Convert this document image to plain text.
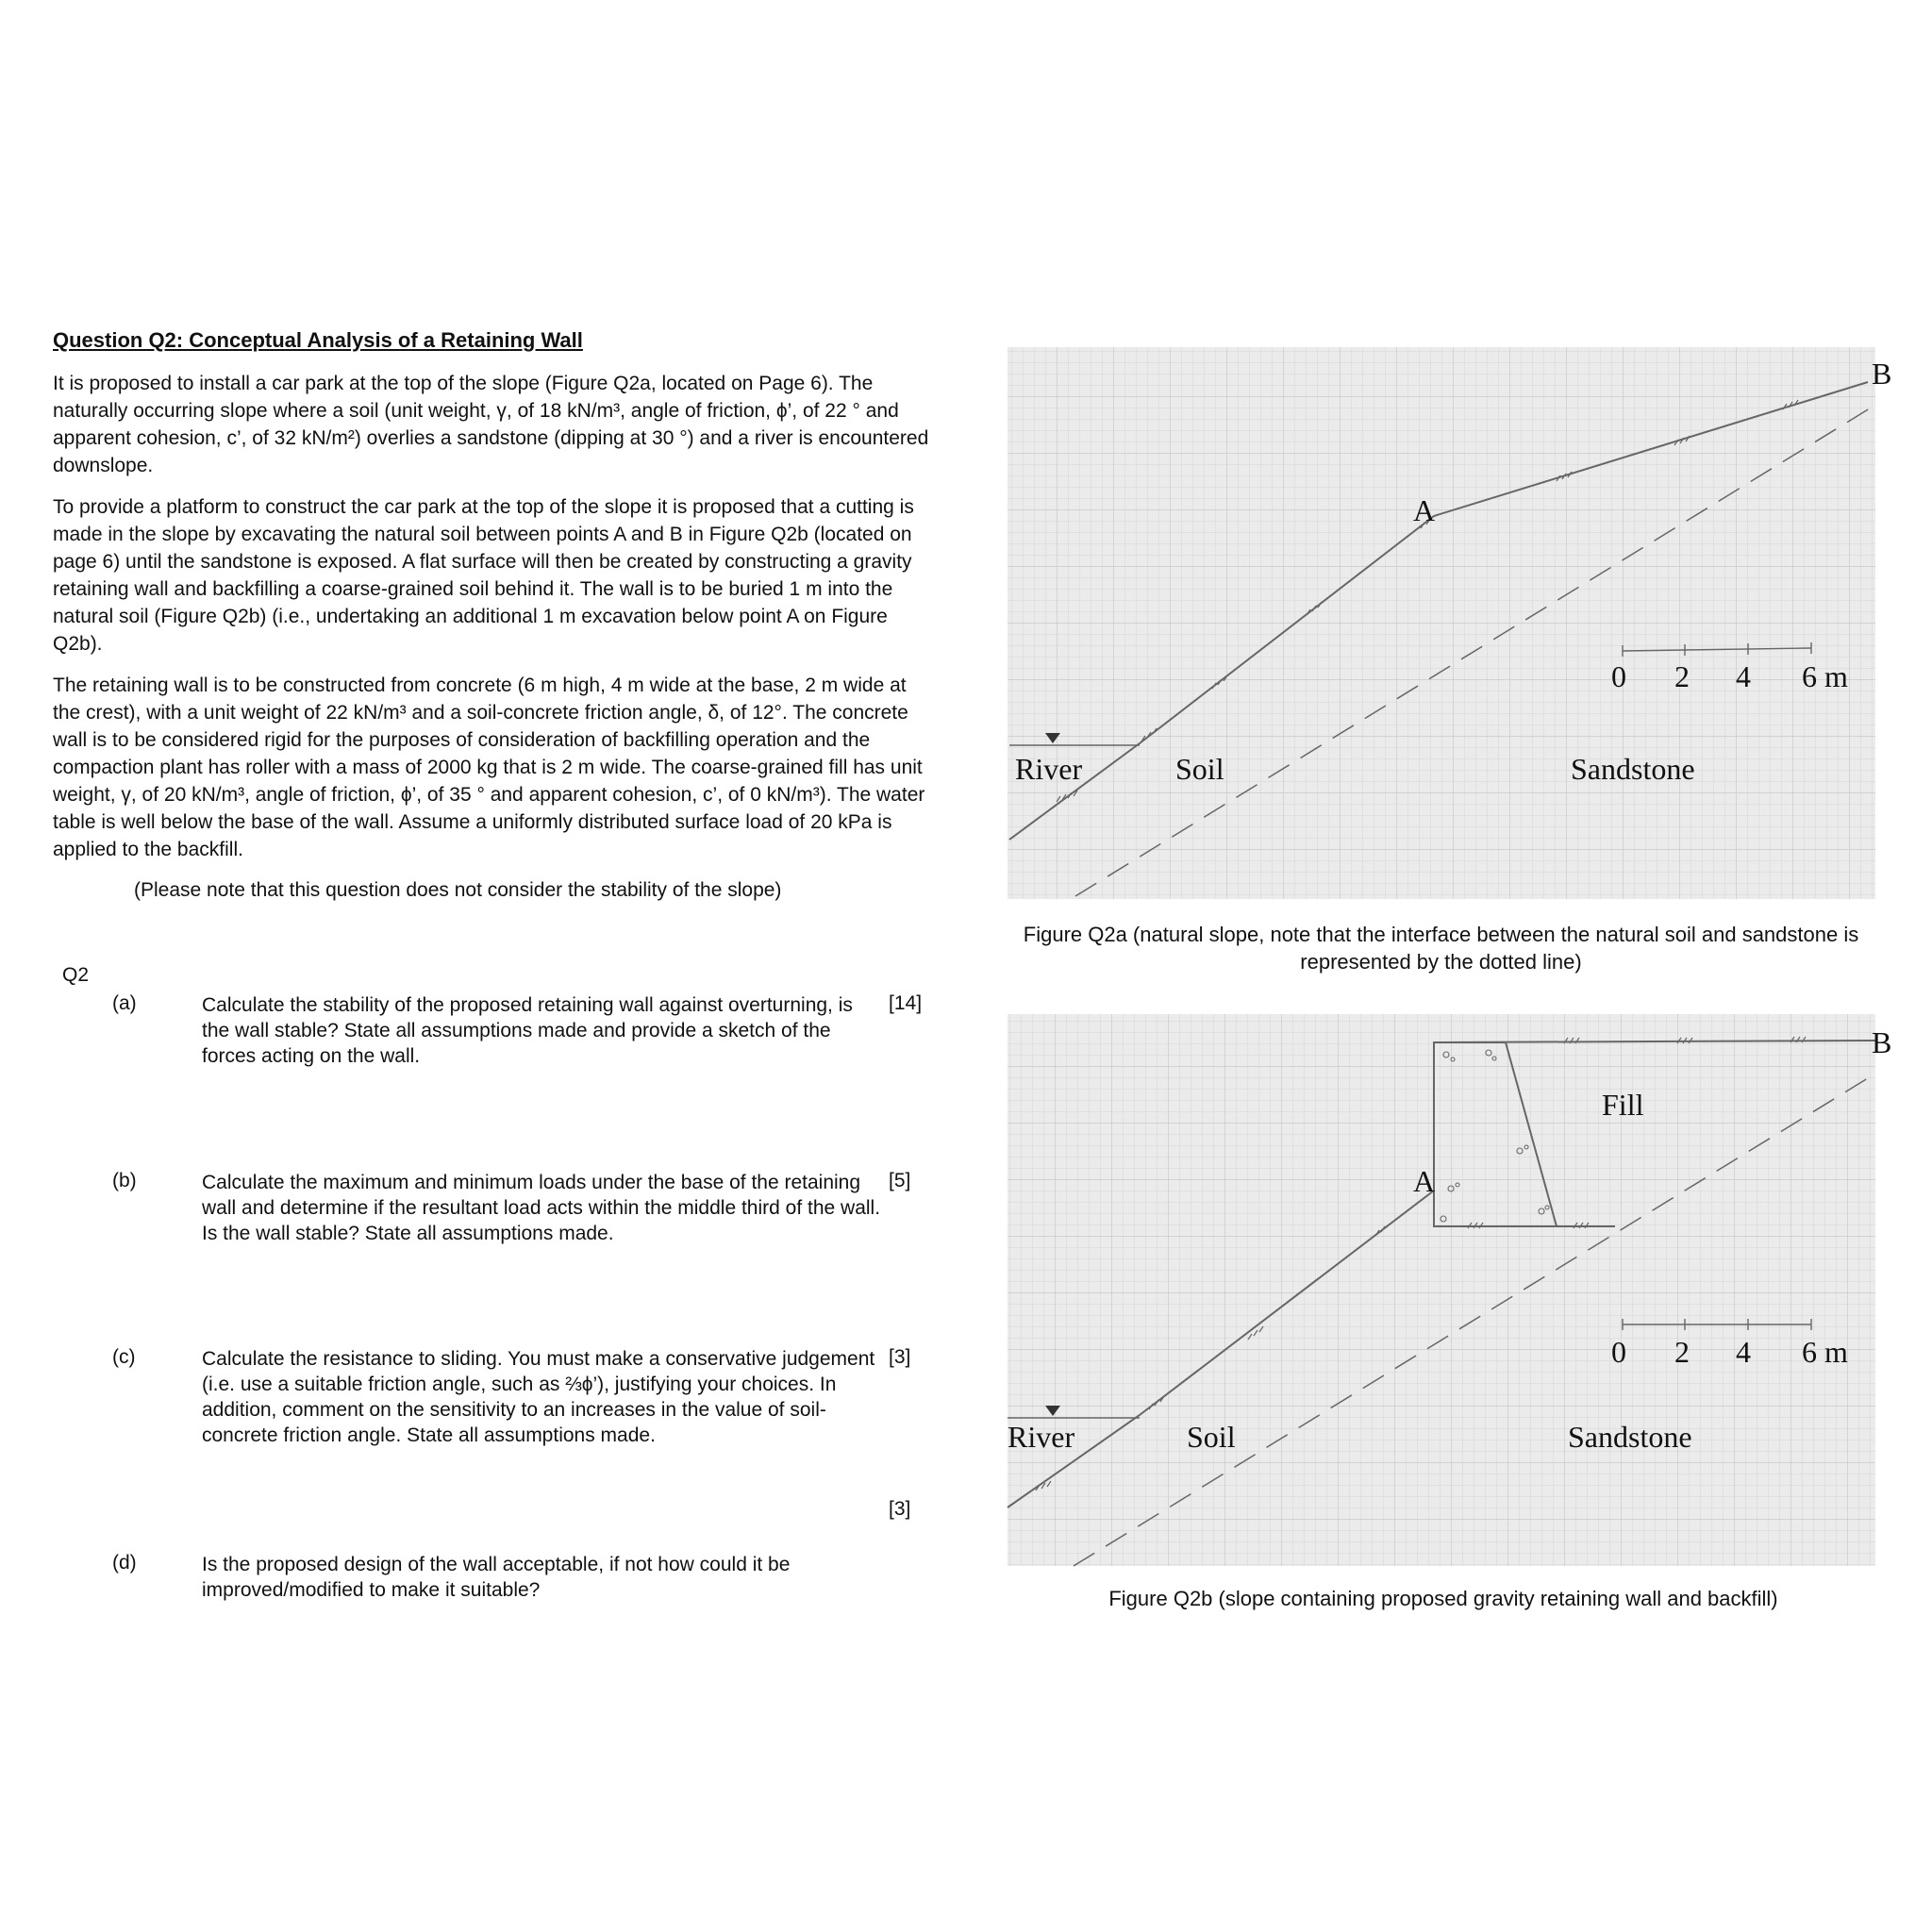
Question Q2: Conceptual Analysis of a Retaining Wall

It is proposed to install a car park at the top of the slope (Figure Q2a, located on Page 6). The naturally occurring slope where a soil (unit weight, γ, of 18 kN/m³, angle of friction, ϕ’, of 22 ° and apparent cohesion, c’, of 32 kN/m²) overlies a sandstone (dipping at 30 °) and a river is encountered downslope.

To provide a platform to construct the car park at the top of the slope it is proposed that a cutting is made in the slope by excavating the natural soil between points A and B in Figure Q2b (located on page 6) until the sandstone is exposed. A flat surface will then be created by constructing a gravity retaining wall and backfilling a coarse-grained soil behind it. The wall is to be buried 1 m into the natural soil (Figure Q2b) (i.e., undertaking an additional 1 m excavation below point A on Figure Q2b).

The retaining wall is to be constructed from concrete (6 m high, 4 m wide at the base, 2 m wide at the crest), with a unit weight of 22 kN/m³ and a soil-concrete friction angle, δ, of 12°. The concrete wall is to be considered rigid for the purposes of consideration of backfilling operation and the compaction plant has roller with a mass of 2000 kg that is 2 m wide. The coarse-grained fill has unit weight, γ, of 20 kN/m³, angle of friction, ϕ’, of 35 ° and apparent cohesion, c’, of 0 kN/m³). The water table is well below the base of the wall. Assume a uniformly distributed surface load of 20 kPa is applied to the backfill.

(Please note that this question does not consider the stability of the slope)
Q2
(a)	Calculate the stability of the proposed retaining wall against overturning, is the wall stable? State all assumptions made and provide a sketch of the forces acting on the wall.

[14]
(b)	Calculate the maximum and minimum loads under the base of the retaining wall and determine if the resultant load acts within the middle third of the wall. Is the wall stable? State all assumptions made.

[5]
(c)	Calculate the resistance to sliding. You must make a conservative judgement (i.e. use a suitable friction angle, such as ⅔ϕ’), justifying your choices. In addition, comment on the sensitivity to an increases in the value of soil-concrete friction angle. State all assumptions made.

[3]
[3]
(d)	Is the proposed design of the wall acceptable, if not how could it be improved/modified to make it suitable?

0 2 4 6 m
A
B
River	Soil	Sandstone
Figure Q2a (natural slope, note that the interface between the natural soil and sandstone is represented by the dotted line)
0 2 4 6 m
A
B
Fill
River	Soil	Sandstone
Figure Q2b (slope containing proposed gravity retaining wall and backfill)
